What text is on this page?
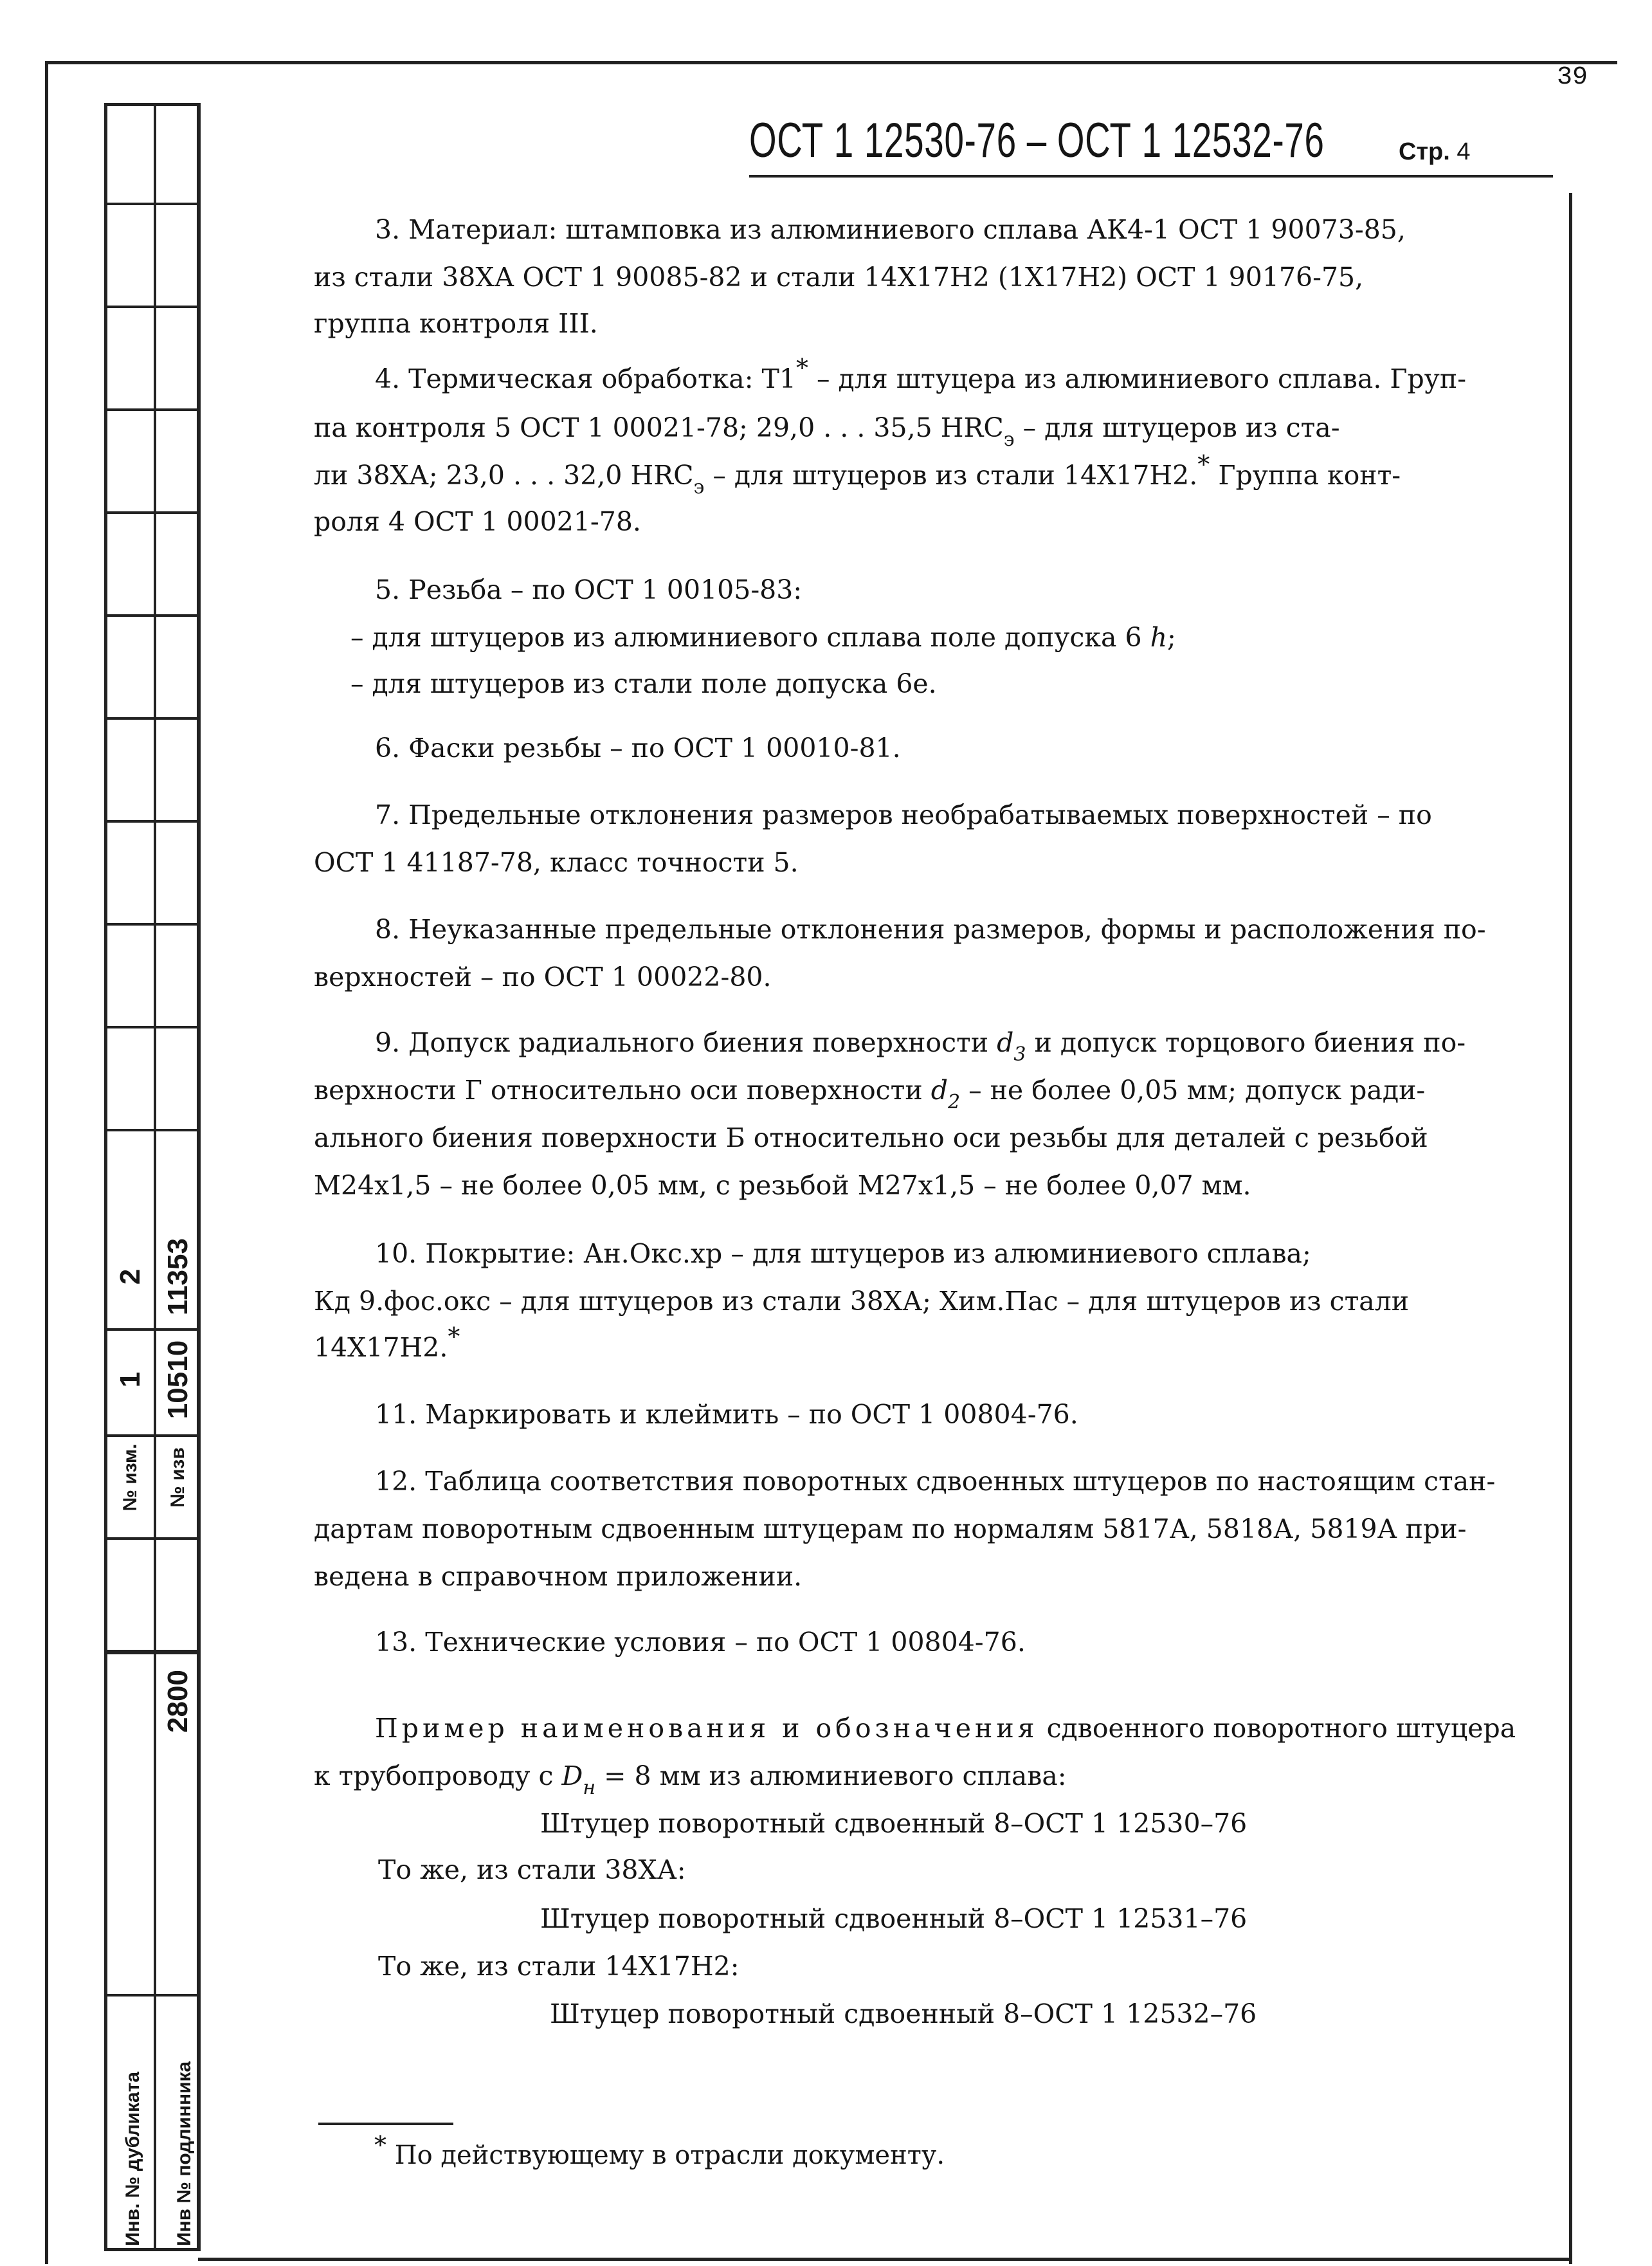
39
2 11353
1 10510
№ изм. № изв
2800
Инв. № дубликата Инв № подлинника
ОСТ 1 12530-76 – ОСТ 1 12532-76	Стр. 4
3. Материал: штамповка из алюминиевого сплава АК4-1 ОСТ 1 90073-85,
из стали 38ХА ОСТ 1 90085-82 и стали 14Х17Н2 (1Х17Н2) ОСТ 1 90176-75,
группа контроля III.
4. Термическая обработка: Т1* – для штуцера из алюминиевого сплава. Груп-
па контроля 5 ОСТ 1 00021-78; 29,0 . . . 35,5 $HRC_э$ – для штуцеров из ста-
ли 38ХА; 23,0 . . . 32,0 $HRC_э$ – для штуцеров из стали 14Х17Н2.* Группа конт-
роля 4 ОСТ 1 00021-78.
5. Резьба – по ОСТ 1 00105-83:
– для штуцеров из алюминиевого сплава поле допуска 6 h;
– для штуцеров из стали поле допуска 6е.
6. Фаски резьбы – по ОСТ 1 00010-81.
7. Предельные отклонения размеров необрабатываемых поверхностей – по
ОСТ 1 41187-78, класс точности 5.
8. Неуказанные предельные отклонения размеров, формы и расположения по-
верхностей – по ОСТ 1 00022-80.
9. Допуск радиального биения поверхности $d_3$ и допуск торцового биения по-
верхности Г относительно оси поверхности $d_2$ – не более 0,05 мм; допуск ради-
ального биения поверхности Б относительно оси резьбы для деталей с резьбой
М24х1,5 – не более 0,05 мм, с резьбой М27х1,5 – не более 0,07 мм.
10. Покрытие: Ан.Окс.хр – для штуцеров из алюминиевого сплава;
Кд 9.фос.окс – для штуцеров из стали 38ХА; Хим.Пас – для штуцеров из стали
14Х17Н2.*
11. Маркировать и клеймить – по ОСТ 1 00804-76.
12. Таблица соответствия поворотных сдвоенных штуцеров по настоящим стан-
дартам поворотным сдвоенным штуцерам по нормалям 5817А, 5818А, 5819А при-
ведена в справочном приложении.
13. Технические условия – по ОСТ 1 00804-76.
Пример наименования и обозначения сдвоенного поворотного штуцера
к трубопроводу с $D_н = 8$ мм из алюминиевого сплава:
Штуцер поворотный сдвоенный 8–ОСТ 1 12530–76
То же, из стали 38ХА:
Штуцер поворотный сдвоенный 8–ОСТ 1 12531–76
То же, из стали 14Х17Н2:
Штуцер поворотный сдвоенный 8–ОСТ 1 12532–76
* По действующему в отрасли документу.
